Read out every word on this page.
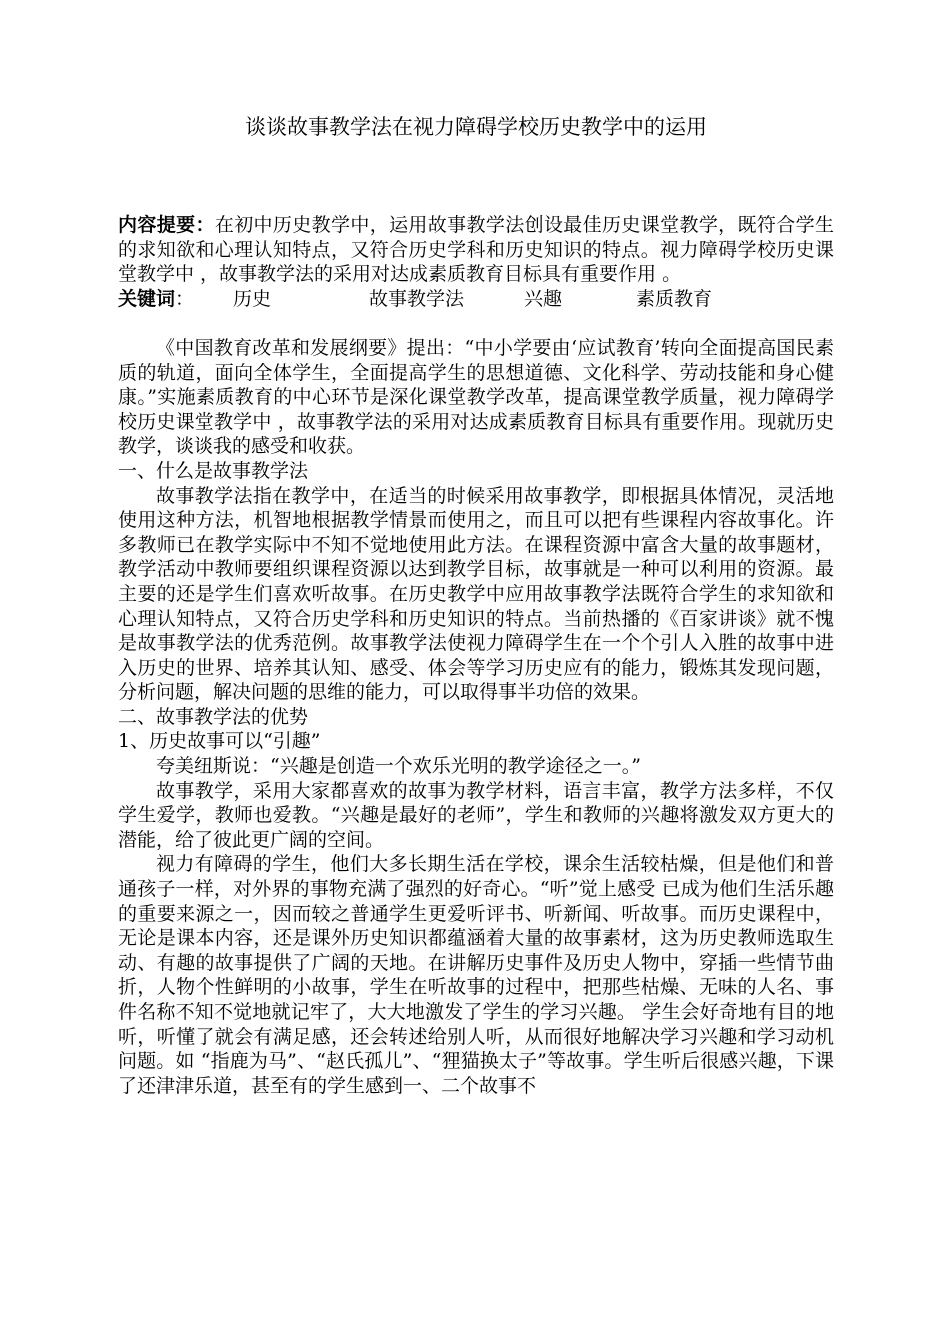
谈谈故事教学法在视力障碍学校历史教学中的运用

内容提要：在初中历史教学中，运用故事教学法创设最佳历史课堂教学，既符合学生的求知欲和心理认知特点，又符合历史学科和历史知识的特点。视力障碍学校历史课堂教学中 ，故事教学法的采用对达成素质教育目标具有重要作用 。

关键词 ：	历史	故事教学法	兴趣	素质教育

《中国教育改革和发展纲要》提出：“中小学要由‘应试教育’转向全面提高国民素质的轨道，面向全体学生，全面提高学生的思想道德、文化科学、劳动技能和身心健康。”实施素质教育的中心环节是深化课堂教学改革，提高课堂教学质量，视力障碍学校历史课堂教学中 ，故事教学法的采用对达成素质教育目标具有重要作用。现就历史教学，谈谈我的感受和收获。

一、什么是故事教学法

故事教学法指在教学中，在适当的时候采用故事教学，即根据具体情况，灵活地使用这种方法，机智地根据教学情景而使用之，而且可以把有些课程内容故事化。许多教师已在教学实际中不知不觉地使用此方法。在课程资源中富含大量的故事题材，教学活动中教师要组织课程资源以达到教学目标，故事就是一种可以利用的资源。最主要的还是学生们喜欢听故事。在历史教学中应用故事教学法既符合学生的求知欲和心理认知特点，又符合历史学科和历史知识的特点。当前热播的《百家讲谈》就不愧是故事教学法的优秀范例。故事教学法使视力障碍学生在一个个引人入胜的故事中进入历史的世界、培养其认知、感受、体会等学习历史应有的能力，锻炼其发现问题，分析问题，解决问题的思维的能力，可以取得事半功倍的效果。

二、故事教学法的优势

1、历史故事可以“引趣”

夸美纽斯说：“兴趣是创造一个欢乐光明的教学途径之一。”

故事教学，采用大家都喜欢的故事为教学材料，语言丰富，教学方法多样，不仅学生爱学，教师也爱教。“兴趣是最好的老师”，学生和教师的兴趣将激发双方更大的潜能，给了彼此更广阔的空间。

视力有障碍的学生，他们大多长期生活在学校，课余生活较枯燥，但是他们和普通孩子一样，对外界的事物充满了强烈的好奇心。“听”觉上感受 已成为他们生活乐趣的重要来源之一，因而较之普通学生更爱听评书、听新闻、听故事。而历史课程中，无论是课本内容，还是课外历史知识都蕴涵着大量的故事素材，这为历史教师选取生动、有趣的故事提供了广阔的天地。在讲解历史事件及历史人物中，穿插一些情节曲折，人物个性鲜明的小故事，学生在听故事的过程中，把那些枯燥、无味的人名、事件名称不知不觉地就记牢了，大大地激发了学生的学习兴趣。 学生会好奇地有目的地听，听懂了就会有满足感，还会转述给别人听，从而很好地解决学习兴趣和学习动机问题。如 “指鹿为马”、“赵氏孤儿”、“狸猫换太子”等故事。学生听后很感兴趣，下课了还津津乐道，甚至有的学生感到一、二个故事不
